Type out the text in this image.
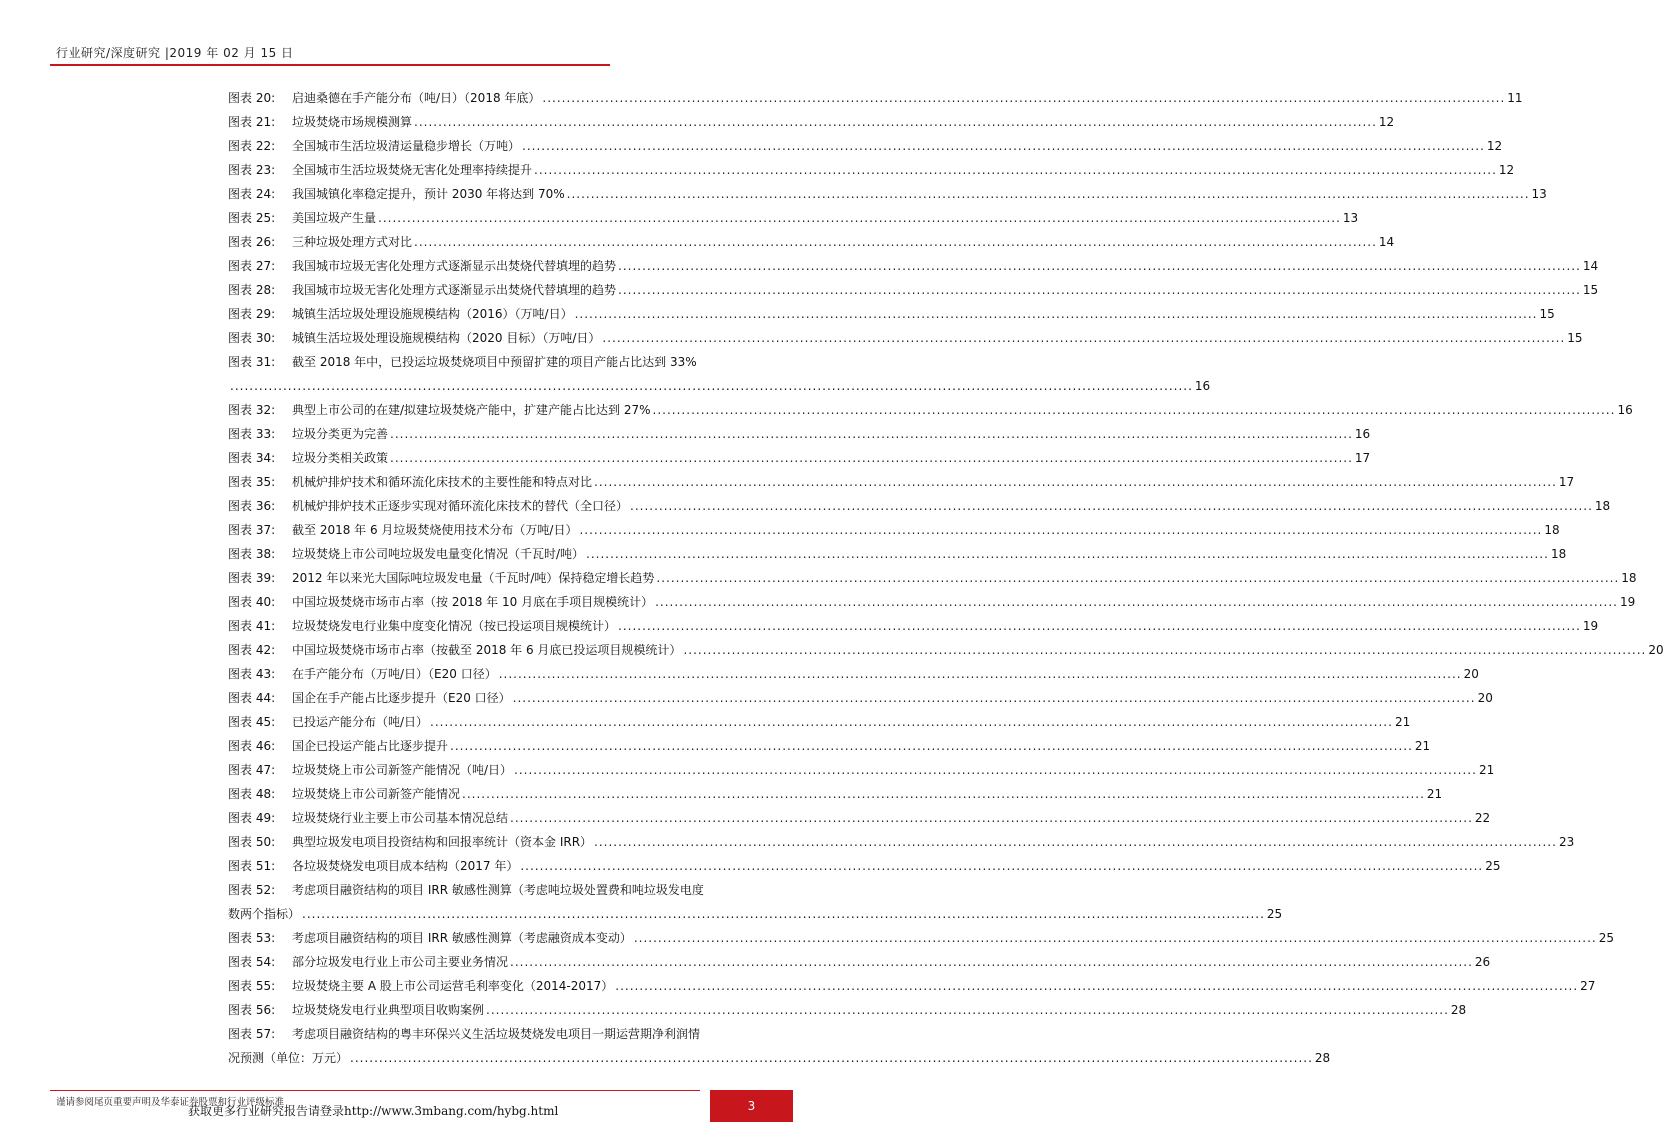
行业研究/深度研究 |2019 年 02 月 15 日
图表 20:	启迪桑德在手产能分布（吨/日）（2018 年底） ........................................................................................................................................................................................................ 11
图表 21:	垃圾焚烧市场规模测算 ........................................................................................................................................................................................................ 12
图表 22:	全国城市生活垃圾清运量稳步增长（万吨） ........................................................................................................................................................................................................ 12
图表 23:	全国城市生活垃圾焚烧无害化处理率持续提升 ........................................................................................................................................................................................................ 12
图表 24:	我国城镇化率稳定提升，预计 2030 年将达到 70% ........................................................................................................................................................................................................ 13
图表 25:	美国垃圾产生量 ........................................................................................................................................................................................................ 13
图表 26:	三种垃圾处理方式对比 ........................................................................................................................................................................................................ 14
图表 27:	我国城市垃圾无害化处理方式逐渐显示出焚烧代替填埋的趋势 ........................................................................................................................................................................................................ 14
图表 28:	我国城市垃圾无害化处理方式逐渐显示出焚烧代替填埋的趋势 ........................................................................................................................................................................................................ 15
图表 29:	城镇生活垃圾处理设施规模结构（2016）（万吨/日） ........................................................................................................................................................................................................ 15
图表 30:	城镇生活垃圾处理设施规模结构（2020 目标）（万吨/日） ........................................................................................................................................................................................................ 15
图表 31:	截至 2018 年中，已投运垃圾焚烧项目中预留扩建的项目产能占比达到 33%
........................................................................................................................................................................................................ 16
图表 32:	典型上市公司的在建/拟建垃圾焚烧产能中，扩建产能占比达到 27% ........................................................................................................................................................................................................ 16
图表 33:	垃圾分类更为完善 ........................................................................................................................................................................................................ 16
图表 34:	垃圾分类相关政策 ........................................................................................................................................................................................................ 17
图表 35:	机械炉排炉技术和循环流化床技术的主要性能和特点对比 ........................................................................................................................................................................................................ 17
图表 36:	机械炉排炉技术正逐步实现对循环流化床技术的替代（全口径） ........................................................................................................................................................................................................ 18
图表 37:	截至 2018 年 6 月垃圾焚烧使用技术分布（万吨/日） ........................................................................................................................................................................................................ 18
图表 38:	垃圾焚烧上市公司吨垃圾发电量变化情况（千瓦时/吨） ........................................................................................................................................................................................................ 18
图表 39:	2012 年以来光大国际吨垃圾发电量（千瓦时/吨）保持稳定增长趋势 ........................................................................................................................................................................................................ 18
图表 40:	中国垃圾焚烧市场市占率（按 2018 年 10 月底在手项目规模统计） ........................................................................................................................................................................................................ 19
图表 41:	垃圾焚烧发电行业集中度变化情况（按已投运项目规模统计） ........................................................................................................................................................................................................ 19
图表 42:	中国垃圾焚烧市场市占率（按截至 2018 年 6 月底已投运项目规模统计） ........................................................................................................................................................................................................ 20
图表 43:	在手产能分布（万吨/日）（E20 口径） ........................................................................................................................................................................................................ 20
图表 44:	国企在手产能占比逐步提升（E20 口径） ........................................................................................................................................................................................................ 20
图表 45:	已投运产能分布（吨/日） ........................................................................................................................................................................................................ 21
图表 46:	国企已投运产能占比逐步提升 ........................................................................................................................................................................................................ 21
图表 47:	垃圾焚烧上市公司新签产能情况（吨/日） ........................................................................................................................................................................................................ 21
图表 48:	垃圾焚烧上市公司新签产能情况 ........................................................................................................................................................................................................ 21
图表 49:	垃圾焚烧行业主要上市公司基本情况总结 ........................................................................................................................................................................................................ 22
图表 50:	典型垃圾发电项目投资结构和回报率统计（资本金 IRR） ........................................................................................................................................................................................................ 23
图表 51:	各垃圾焚烧发电项目成本结构（2017 年） ........................................................................................................................................................................................................ 25
图表 52:	考虑项目融资结构的项目 IRR 敏感性测算（考虑吨垃圾处置费和吨垃圾发电度
数两个指标） ........................................................................................................................................................................................................ 25
图表 53:	考虑项目融资结构的项目 IRR 敏感性测算（考虑融资成本变动） ........................................................................................................................................................................................................ 25
图表 54:	部分垃圾发电行业上市公司主要业务情况 ........................................................................................................................................................................................................ 26
图表 55:	垃圾焚烧主要 A 股上市公司运营毛利率变化（2014-2017） ........................................................................................................................................................................................................ 27
图表 56:	垃圾焚烧发电行业典型项目收购案例 ........................................................................................................................................................................................................ 28
图表 57:	考虑项目融资结构的粤丰环保兴义生活垃圾焚烧发电项目一期运营期净利润情
况预测（单位：万元） ........................................................................................................................................................................................................ 28
谨请参阅尾页重要声明及华泰证券股票和行业评级标准
获取更多行业研究报告请登录http://www.3mbang.com/hybg.html	3
